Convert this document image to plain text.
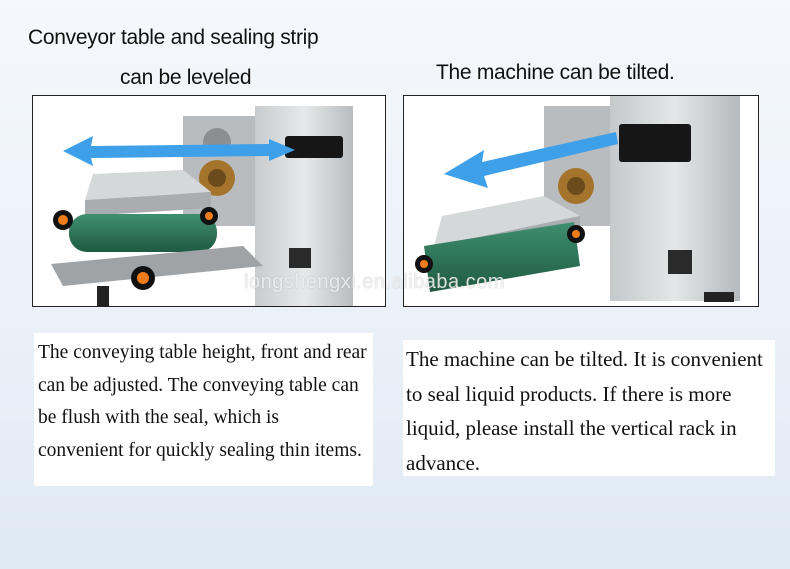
Conveyor table and sealing strip
can be leveled	The machine can be tilted.
longshengxi.en.alibaba.com

The conveying table height, front and rear can be adjusted. The conveying table can be flush with the seal, which is convenient for quickly sealing thin items.

The machine can be tilted. It is convenient to seal liquid products. If there is more liquid, please install the vertical rack in advance.
